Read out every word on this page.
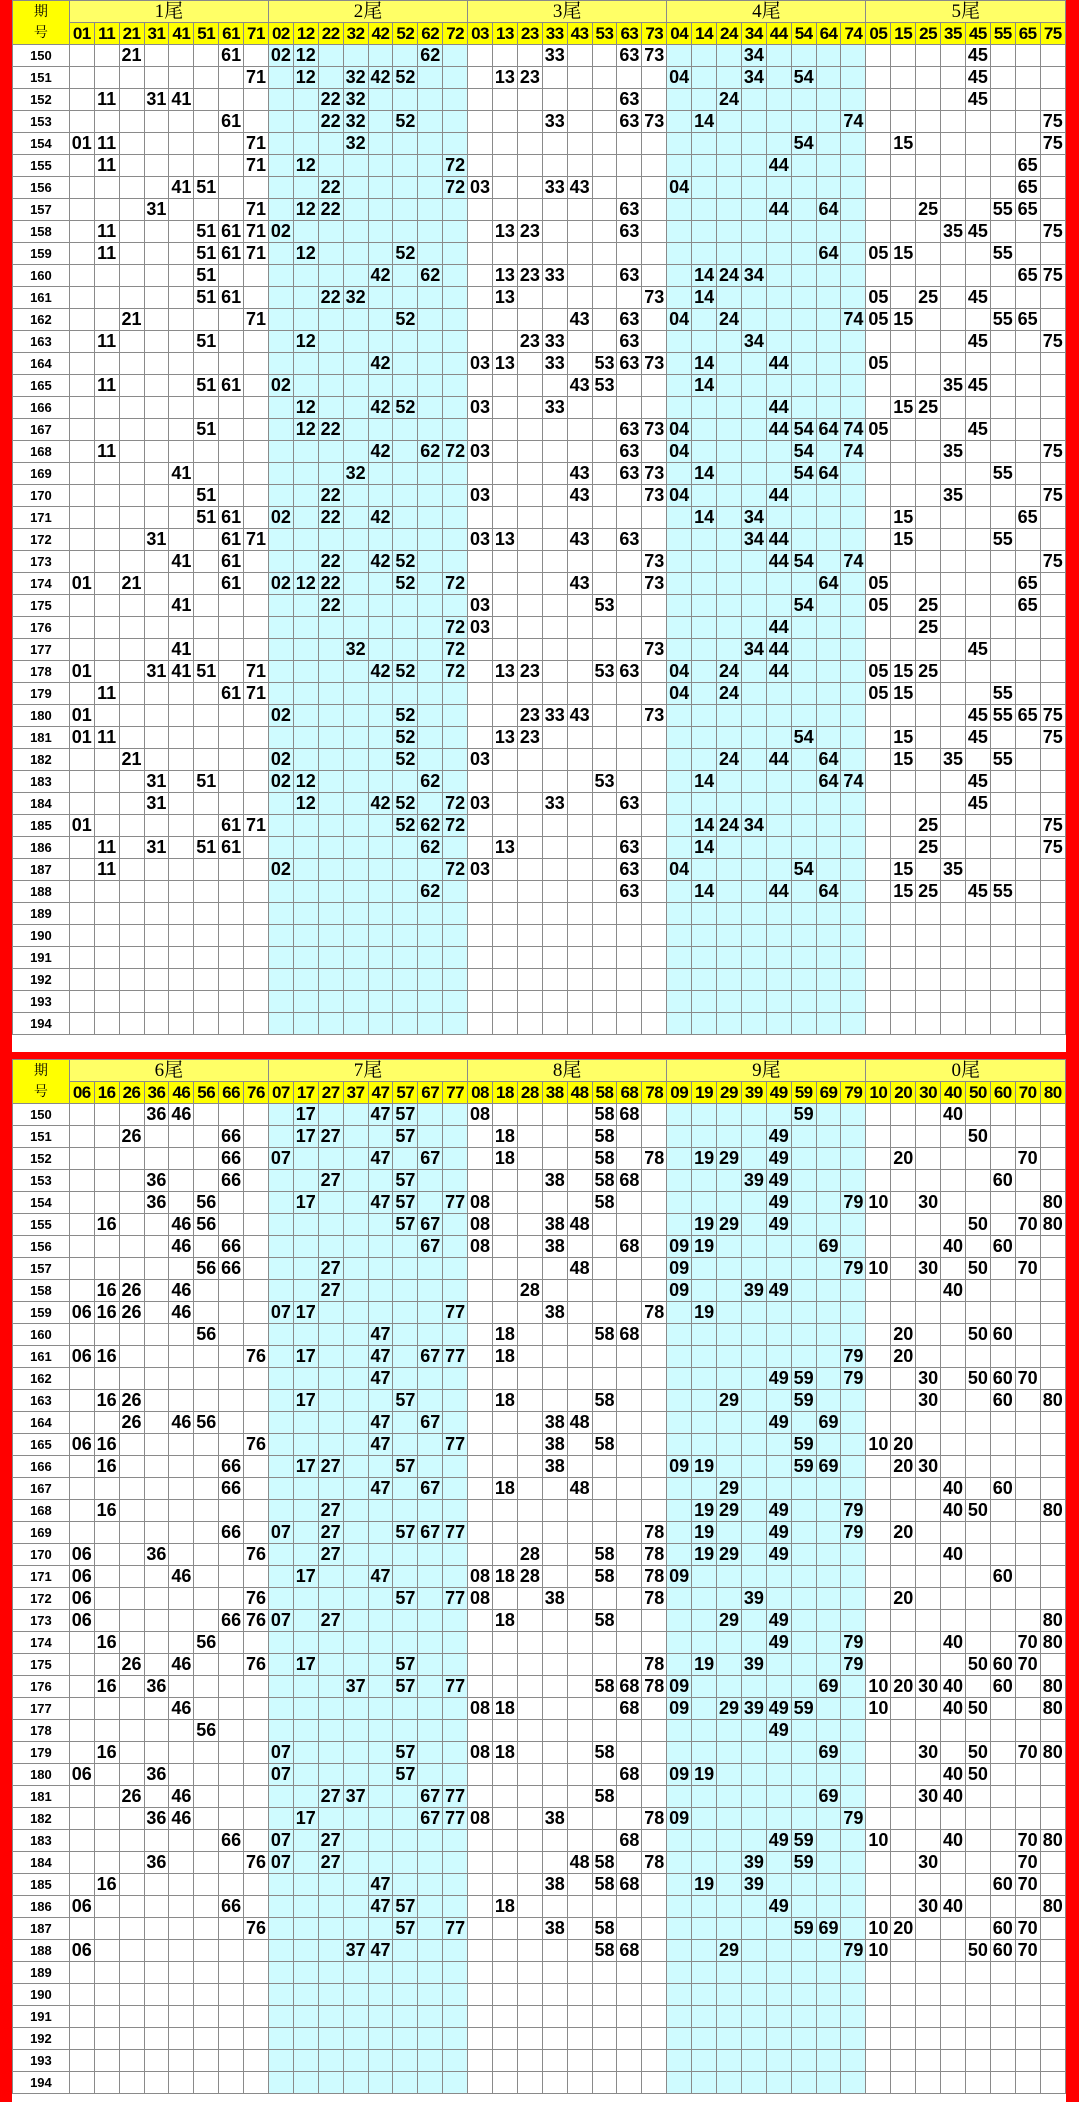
期
号	1尾								2尾								3尾								4尾								5尾							
	01	11	21	31	41	51	61	71	02	12	22	32	42	52	62	72	03	13	23	33	43	53	63	73	04	14	24	34	44	54	64	74	05	15	25	35	45	55	65	75
150			21				61		02	12					62					33			63	73				34									45			
151								71		12		32	42	52				13	23						04			34		54							45			
152		11		31	41						22	32											63				24										45			
153							61				22	32		52						33			63	73		14						74								75
154	01	11						71				32																		54				15						75
155		11						71		12						72													44										65	
156					41	51					22					72	03			33	43				04														65	
157				31				71		12	22												63						44		64				25			55	65	
158		11				51	61	71	02									13	23				63													35	45			75
159		11				51	61	71		12				52																	64		05	15				55		
160						51							42		62			13	23	33			63			14	24	34											65	75
161						51	61				22	32						13						73		14							05		25		45			
162			21					71						52							43		63		04		24					74	05	15				55	65	
163		11				51				12									23	33			63					34									45			75
164													42				03	13		33		53	63	73		14			44				05							
165		11				51	61		02												43	53				14										35	45			
166										12			42	52			03			33									44					15	25					
167						51				12	22												63	73	04				44	54	64	74	05				45			
168		11											42		62	72	03						63		04					54		74				35				75
169					41							32									43		63	73		14				54	64							55		
170						51					22						03				43			73	04				44							35				75
171						51	61		02		22		42													14		34						15					65	
172				31			61	71									03	13			43		63					34	44					15				55		
173					41		61				22		42	52										73					44	54		74								75
174	01		21				61		02	12	22			52		72					43			73							64		05						65	
175					41						22						03					53								54			05		25				65	
176																72	03												44						25					
177					41							32				72								73				34	44								45			
178	01			31	41	51		71					42	52		72		13	23			53	63		04		24		44				05	15	25					
179		11					61	71																	04		24						05	15				55		
180	01								02					52					23	33	43			73													45	55	65	75
181	01	11												52				13	23											54				15			45			75
182			21						02					52			03										24		44		64			15		35		55		
183				31		51			02	12					62							53				14					64	74					45			
184				31						12			42	52		72	03			33			63														45			
185	01						61	71						52	62	72										14	24	34							25					75
186		11		31		51	61								62			13					63			14									25					75
187		11							02							72	03						63		04					54				15		35				
188															62								63			14			44		64			15	25		45	55		
189																																								
190																																								
191																																								
192																																								
193																																								
194																																								
期
号	6尾								7尾								8尾								9尾								0尾							
	06	16	26	36	46	56	66	76	07	17	27	37	47	57	67	77	08	18	28	38	48	58	68	78	09	19	29	39	49	59	69	79	10	20	30	40	50	60	70	80
150				36	46					17			47	57			08					58	68							59						40				
151			26				66			17	27			57				18				58							49								50			
152							66		07				47		67			18				58		78		19	29		49					20					70	
153				36			66				27			57						38		58	68					39	49									60		
154				36		56				17			47	57		77	08					58							49			79	10		30					80
155		16			46	56								57	67		08			38	48					19	29		49								50		70	80
156					46		66								67		08			38			68		09	19					69					40		60		
157						56	66				27										48				09							79	10		30		50		70	
158		16	26		46						27								28						09			39	49							40				
159	06	16	26		46				07	17						77				38				78		19														
160						56							47					18				58	68											20			50	60		
161	06	16						76		17			47		67	77		18														79		20						
162													47																49	59		79			30		50	60	70	
163		16	26							17				57				18				58					29			59					30			60		80
164			26		46	56							47		67					38	48								49		69									
165	06	16						76					47			77				38		58								59			10	20						
166		16					66			17	27			57						38					09	19				59	69			20	30					
167							66						47		67			18			48						29									40		60		
168		16									27															19	29		49			79				40	50			80
169							66		07		27			57	67	77								78		19			49			79		20						
170	06			36				76			27								28			58		78		19	29		49							40				
171	06				46					17			47				08	18	28			58		78	09													60		
172	06							76						57		77	08			38				78				39						20						
173	06						66	76	07		27							18				58					29		49											80
174		16				56																							49			79				40			70	80
175			26		46			76		17				57										78		19		39				79					50	60	70	
176		16		36								37		57		77						58	68	78	09						69		10	20	30	40		60		80
177					46												08	18					68		09		29	39	49	59			10			40	50			80
178						56																							49											
179		16							07					57			08	18				58									69				30		50		70	80
180	06			36					07					57									68		09	19										40	50			
181			26		46						27	37			67	77						58									69				30	40				
182				36	46					17					67	77	08			38				78	09							79								
183							66		07		27												68						49	59			10			40			70	80
184				36				76	07		27										48	58		78				39		59					30				70	
185		16											47							38		58	68			19		39										60	70	
186	06						66						47	57				18											49						30	40				80
187								76						57		77				38		58								59	69		10	20				60	70	
188	06											37	47									58	68				29					79	10				50	60	70	
189																																								
190																																								
191																																								
192																																								
193																																								
194																																								
